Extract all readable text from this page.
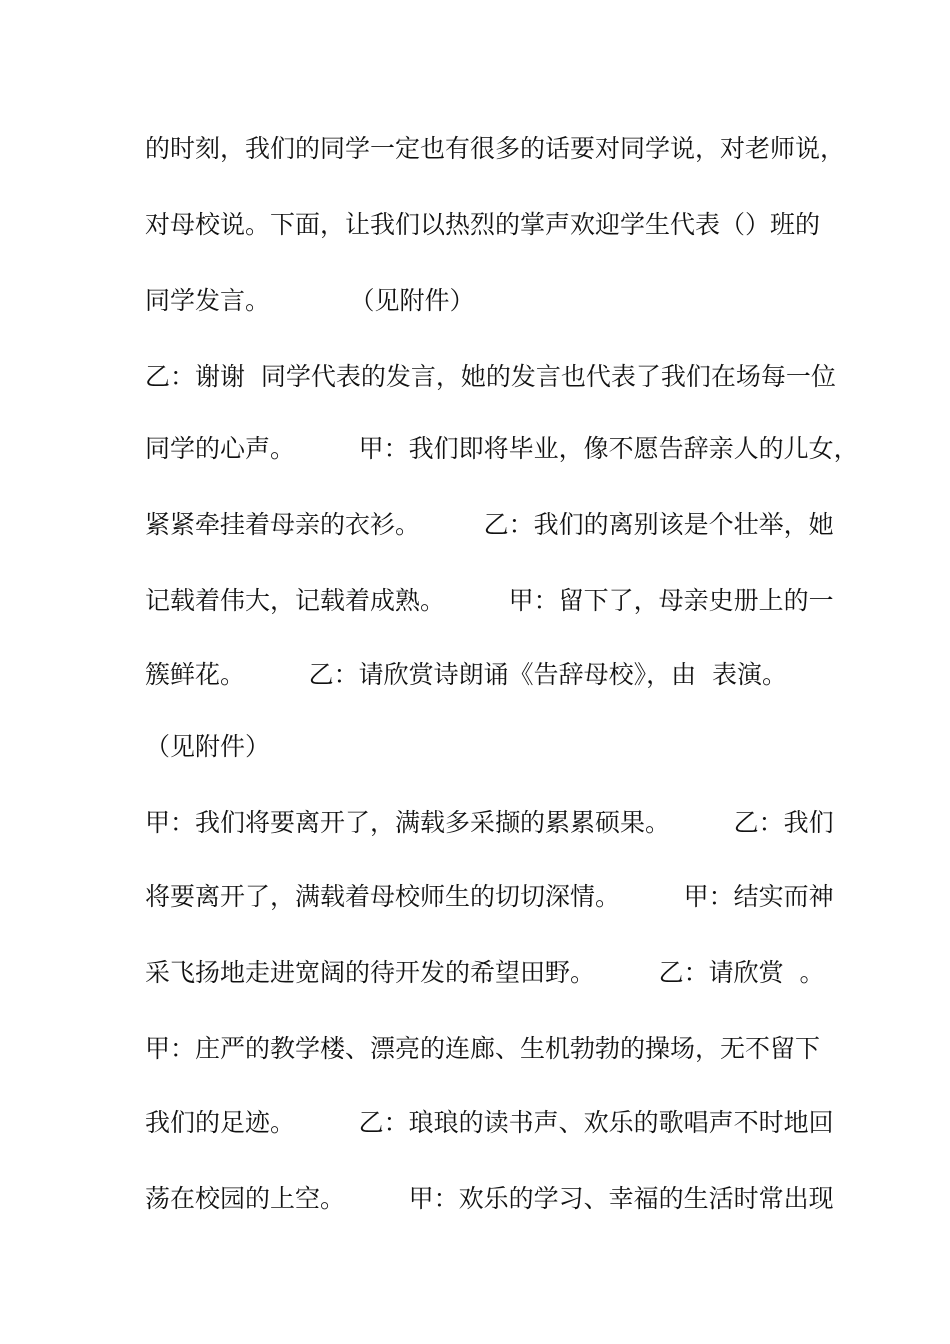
的时刻，我们的同学一定也有很多的话要对同学说，对老师说，
对母校说。下面，让我们以热烈的掌声欢迎学生代表（）班的
同学发言。          （见附件）
乙：谢谢  同学代表的发言，她的发言也代表了我们在场每一位
同学的心声。        甲：我们即将毕业，像不愿告辞亲人的儿女，
紧紧牵挂着母亲的衣衫。        乙：我们的离别该是个壮举，她
记载着伟大，记载着成熟。        甲：留下了，母亲史册上的一
簇鲜花。        乙：请欣赏诗朗诵《告辞母校》，由  表演。
（见附件）
甲：我们将要离开了，满载多采撷的累累硕果。        乙：我们
将要离开了，满载着母校师生的切切深情。        甲：结实而神
采飞扬地走进宽阔的待开发的希望田野。        乙：请欣赏  。
甲：庄严的教学楼、漂亮的连廊、生机勃勃的操场，无不留下
我们的足迹。        乙：琅琅的读书声、欢乐的歌唱声不时地回
荡在校园的上空。        甲：欢乐的学习、幸福的生活时常出现
